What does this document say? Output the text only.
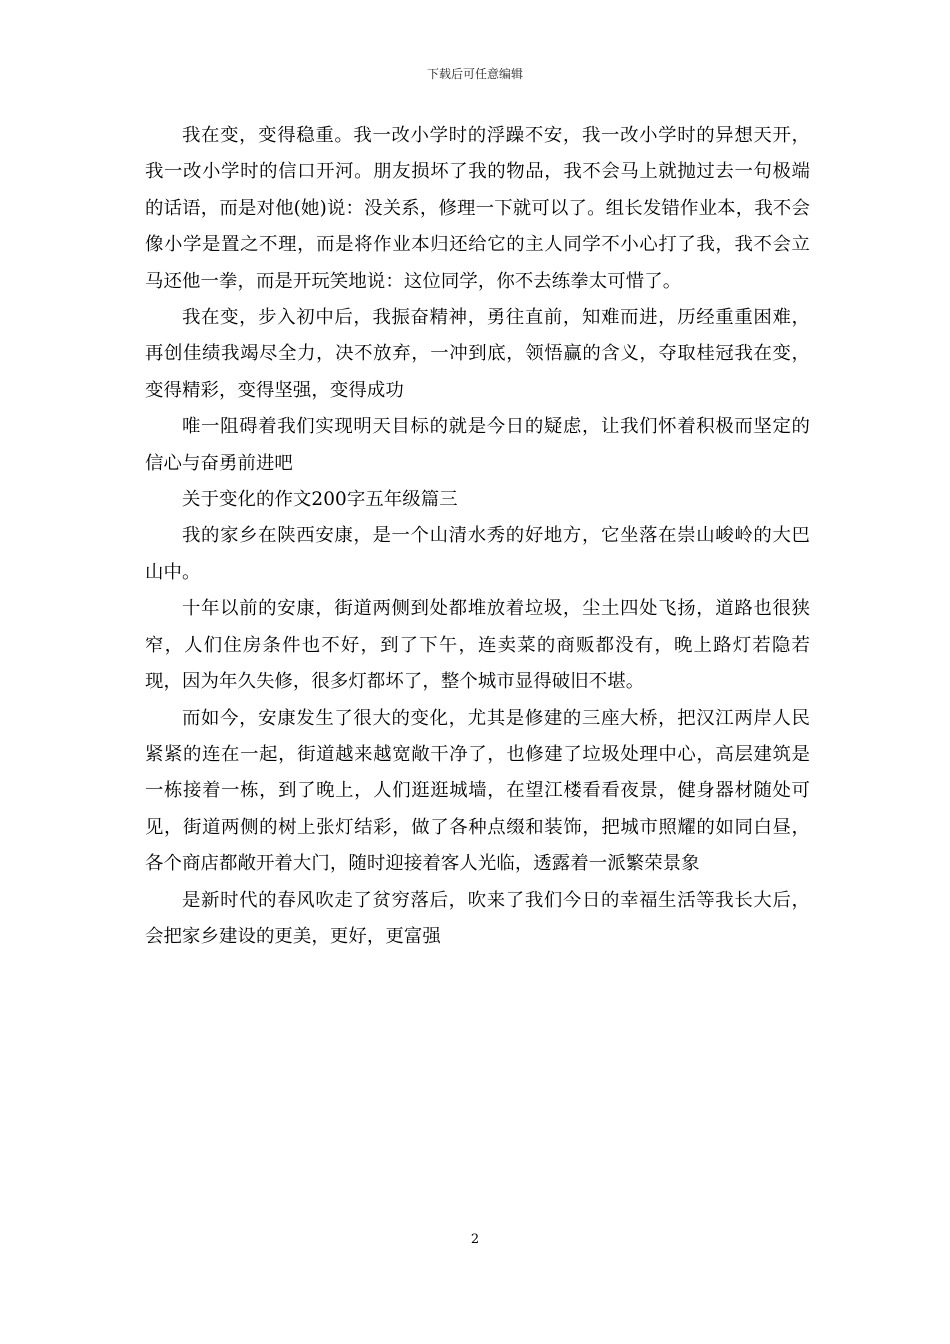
下载后可任意编辑

我在变，变得稳重。我一改小学时的浮躁不安，我一改小学时的异想天开，我一改小学时的信口开河。朋友损坏了我的物品，我不会马上就抛过去一句极端的话语，而是对他(她)说：没关系，修理一下就可以了。组长发错作业本，我不会像小学是置之不理，而是将作业本归还给它的主人同学不小心打了我，我不会立马还他一拳，而是开玩笑地说：这位同学，你不去练拳太可惜了。

我在变，步入初中后，我振奋精神，勇往直前，知难而进，历经重重困难，再创佳绩我竭尽全力，决不放弃，一冲到底，领悟赢的含义，夺取桂冠我在变，变得精彩，变得坚强，变得成功

唯一阻碍着我们实现明天目标的就是今日的疑虑，让我们怀着积极而坚定的信心与奋勇前进吧

关于变化的作文200字五年级篇三

我的家乡在陕西安康，是一个山清水秀的好地方，它坐落在崇山峻岭的大巴山中。

十年以前的安康，街道两侧到处都堆放着垃圾，尘土四处飞扬，道路也很狭窄，人们住房条件也不好，到了下午，连卖菜的商贩都没有，晚上路灯若隐若现，因为年久失修，很多灯都坏了，整个城市显得破旧不堪。

而如今，安康发生了很大的变化，尤其是修建的三座大桥，把汉江两岸人民紧紧的连在一起，街道越来越宽敞干净了，也修建了垃圾处理中心，高层建筑是一栋接着一栋，到了晚上，人们逛逛城墙，在望江楼看看夜景，健身器材随处可见，街道两侧的树上张灯结彩，做了各种点缀和装饰，把城市照耀的如同白昼，各个商店都敞开着大门，随时迎接着客人光临，透露着一派繁荣景象

是新时代的春风吹走了贫穷落后，吹来了我们今日的幸福生活等我长大后，会把家乡建设的更美，更好，更富强

2
